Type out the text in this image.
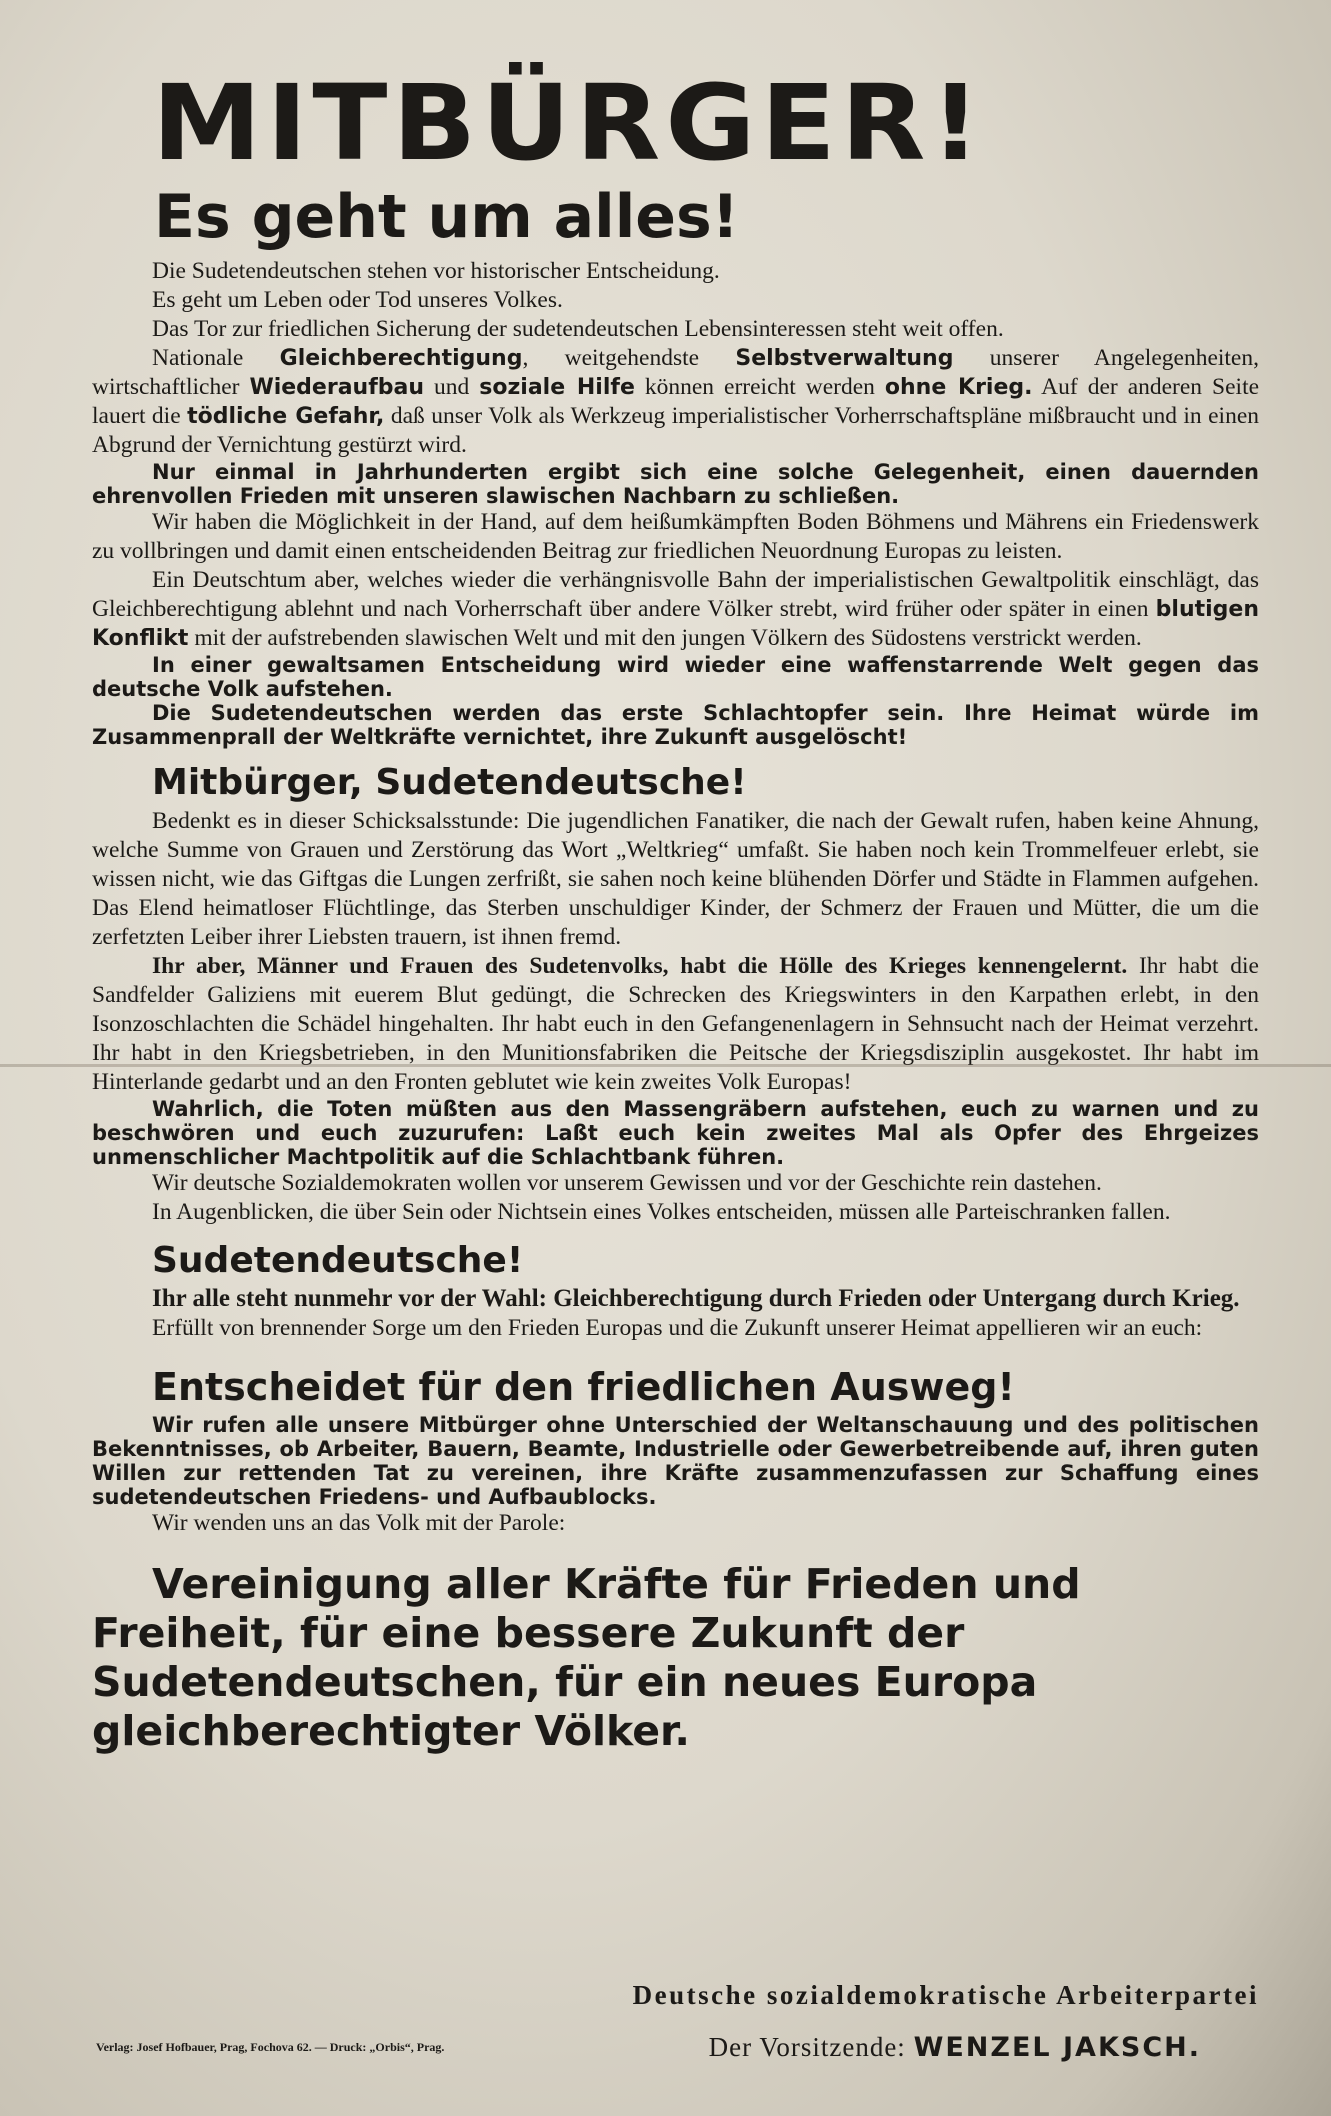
MITBÜRGER!
Es geht um alles!

Die Sudetendeutschen stehen vor historischer Entscheidung.

Es geht um Leben oder Tod unseres Volkes.

Das Tor zur friedlichen Sicherung der sudetendeutschen Lebensinteressen steht weit offen.

Nationale Gleichberechtigung, weitgehendste Selbstverwaltung unserer Angelegenheiten, wirtschaftlicher Wiederaufbau und soziale Hilfe können erreicht werden ohne Krieg. Auf der anderen Seite lauert die tödliche Gefahr, daß unser Volk als Werkzeug imperialistischer Vorherrschaftspläne mißbraucht und in einen Abgrund der Vernichtung gestürzt wird.

Nur einmal in Jahrhunderten ergibt sich eine solche Gelegenheit, einen dauernden ehrenvollen Frieden mit unseren slawischen Nachbarn zu schließen.

Wir haben die Möglichkeit in der Hand, auf dem heißumkämpften Boden Böhmens und Mährens ein Friedenswerk zu vollbringen und damit einen entscheidenden Beitrag zur friedlichen Neuordnung Europas zu leisten.

Ein Deutschtum aber, welches wieder die verhängnisvolle Bahn der imperialistischen Gewaltpolitik einschlägt, das Gleichberechtigung ablehnt und nach Vorherrschaft über andere Völker strebt, wird früher oder später in einen blutigen Konflikt mit der aufstrebenden slawischen Welt und mit den jungen Völkern des Südostens verstrickt werden.

In einer gewaltsamen Entscheidung wird wieder eine waffenstarrende Welt gegen das deutsche Volk aufstehen.

Die Sudetendeutschen werden das erste Schlachtopfer sein. Ihre Heimat würde im Zusammenprall der Weltkräfte vernichtet, ihre Zukunft ausgelöscht!

Mitbürger, Sudetendeutsche!

Bedenkt es in dieser Schicksalsstunde: Die jugendlichen Fanatiker, die nach der Gewalt rufen, haben keine Ahnung, welche Summe von Grauen und Zerstörung das Wort „Weltkrieg“ umfaßt. Sie haben noch kein Trommelfeuer erlebt, sie wissen nicht, wie das Giftgas die Lungen zerfrißt, sie sahen noch keine blühenden Dörfer und Städte in Flammen aufgehen. Das Elend heimatloser Flüchtlinge, das Sterben unschuldiger Kinder, der Schmerz der Frauen und Mütter, die um die zerfetzten Leiber ihrer Liebsten trauern, ist ihnen fremd.

Ihr aber, Männer und Frauen des Sudetenvolks, habt die Hölle des Krieges kennengelernt. Ihr habt die Sandfelder Galiziens mit euerem Blut gedüngt, die Schrecken des Kriegswinters in den Karpathen erlebt, in den Isonzoschlachten die Schädel hingehalten. Ihr habt euch in den Gefangenenlagern in Sehnsucht nach der Heimat verzehrt. Ihr habt in den Kriegsbetrieben, in den Munitionsfabriken die Peitsche der Kriegsdisziplin ausgekostet. Ihr habt im Hinterlande gedarbt und an den Fronten geblutet wie kein zweites Volk Europas!

Wahrlich, die Toten müßten aus den Massengräbern aufstehen, euch zu warnen und zu beschwören und euch zuzurufen: Laßt euch kein zweites Mal als Opfer des Ehrgeizes unmenschlicher Machtpolitik auf die Schlachtbank führen.

Wir deutsche Sozialdemokraten wollen vor unserem Gewissen und vor der Geschichte rein dastehen.

In Augenblicken, die über Sein oder Nichtsein eines Volkes entscheiden, müssen alle Parteischranken fallen.

Sudetendeutsche!

Ihr alle steht nunmehr vor der Wahl: Gleichberechtigung durch Frieden oder Untergang durch Krieg.

Erfüllt von brennender Sorge um den Frieden Europas und die Zukunft unserer Heimat appellieren wir an euch:

Entscheidet für den friedlichen Ausweg!

Wir rufen alle unsere Mitbürger ohne Unterschied der Weltanschauung und des politischen Bekenntnisses, ob Arbeiter, Bauern, Beamte, Industrielle oder Gewerbetreibende auf, ihren guten Willen zur rettenden Tat zu vereinen, ihre Kräfte zusammenzufassen zur Schaffung eines sudetendeutschen Friedens- und Aufbaublocks.

Wir wenden uns an das Volk mit der Parole:

Vereinigung aller Kräfte für Frieden und Freiheit, für eine bessere Zukunft der Sudetendeutschen, für ein neues Europa gleichberechtigter Völker.
Deutsche sozialdemokratische Arbeiterpartei
Verlag: Josef Hofbauer, Prag, Fochova 62. — Druck: „Orbis“, Prag.	Der Vorsitzende: WENZEL JAKSCH.
